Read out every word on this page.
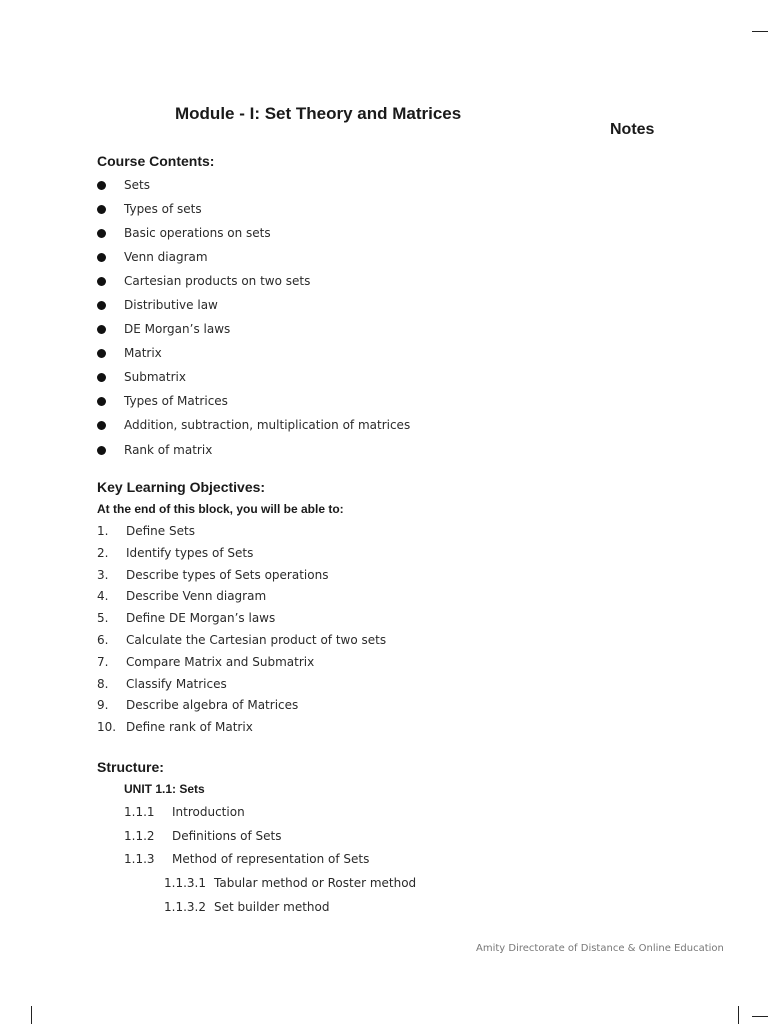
Module - I: Set Theory and Matrices
Notes
Course Contents:
Sets
Types of sets
Basic operations on sets
Venn diagram
Cartesian products on two sets
Distributive law
DE Morgan’s laws
Matrix
Submatrix
Types of Matrices
Addition, subtraction, multiplication of matrices
Rank of matrix
Key Learning Objectives:
At the end of this block, you will be able to:
1. Define Sets
2. Identify types of Sets
3. Describe types of Sets operations
4. Describe Venn diagram
5. Define DE Morgan’s laws
6. Calculate the Cartesian product of two sets
7. Compare Matrix and Submatrix
8. Classify Matrices
9. Describe algebra of Matrices
10. Define rank of Matrix
Structure:
UNIT 1.1: Sets
1.1.1 Introduction
1.1.2 Definitions of Sets
1.1.3 Method of representation of Sets
1.1.3.1 Tabular method or Roster method
1.1.3.2 Set builder method
Amity Directorate of Distance & Online Education
